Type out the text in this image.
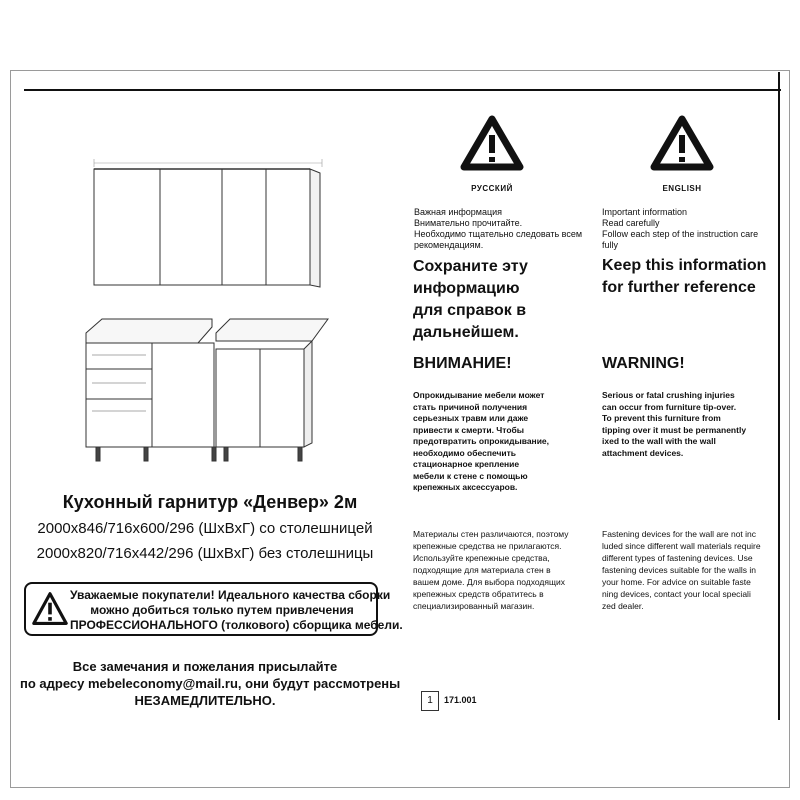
Кухонный гарнитур «Денвер» 2м
2000х846/716х600/296 (ШхВхГ) со столешницей
2000х820/716х442/296 (ШхВхГ) без столешницы
Уважаемые покупатели! Идеального качества сборки
можно добиться только путем привлечения
ПРОФЕССИОНАЛЬНОГО (толкового) сборщика мебели.
Все замечания и пожелания присылайте
по адресу mebeleconomy@mail.ru, они будут рассмотрены
НЕЗАМЕДЛИТЕЛЬНО.
РУССКИЙ
Важная информация
Внимательно прочитайте.
Необходимо тщательно следовать всем
рекомендациям.
Сохраните эту
информацию
для справок в
дальнейшем.
ВНИМАНИЕ!
Опрокидывание мебели может
стать причиной получения
серьезных травм или даже
привести к смерти. Чтобы
предотвратить опрокидывание,
необходимо обеспечить
стационарное крепление
мебели к стене с помощью
крепежных аксессуаров.
Материалы стен различаются, поэтому
крепежные средства не прилагаются.
Используйте крепежные средства,
подходящие для материала стен в
вашем доме. Для выбора подходящих
крепежных средств обратитесь в
специализированный магазин.
ENGLISH
Important information
Read carefully
Follow each step of the instruction care
fully
Keep this information
for further reference
WARNING!
Serious or fatal crushing injuries
can occur from furniture tip-over.
To prevent this furniture from
tipping over it must be permanently
ixed to the wall with the wall
attachment devices.
Fastening devices for the wall are not inc
luded since different wall materials require
different types of fastening devices. Use
fastening devices suitable for the walls in
your home. For advice on suitable faste
ning devices, contact your local speciali
zed dealer.
1	171.001
